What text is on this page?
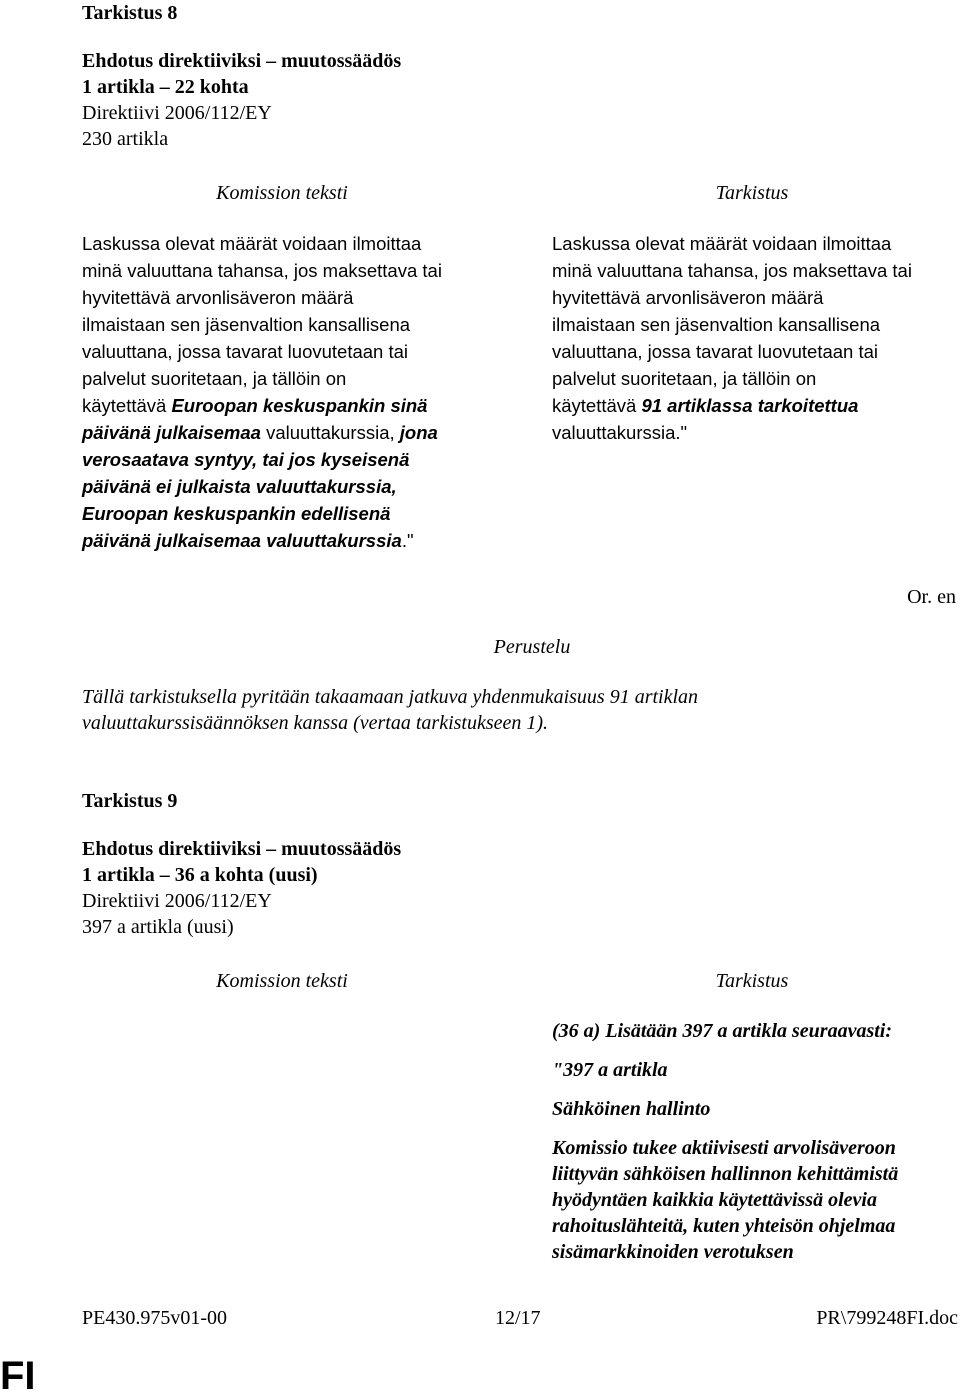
Tarkistus 8
Ehdotus direktiiviksi – muutossäädös
1 artikla – 22 kohta
Direktiivi 2006/112/EY
230 artikla
Komission teksti	Tarkistus
Laskussa olevat määrät voidaan ilmoittaa
minä valuuttana tahansa, jos maksettava tai
hyvitettävä arvonlisäveron määrä
ilmaistaan sen jäsenvaltion kansallisena
valuuttana, jossa tavarat luovutetaan tai
palvelut suoritetaan, ja tällöin on
käytettävä Euroopan keskuspankin sinä
päivänä julkaisemaa valuuttakurssia, jona
verosaatava syntyy, tai jos kyseisenä
päivänä ei julkaista valuuttakurssia,
Euroopan keskuspankin edellisenä
päivänä julkaisemaa valuuttakurssia."
Laskussa olevat määrät voidaan ilmoittaa
minä valuuttana tahansa, jos maksettava tai
hyvitettävä arvonlisäveron määrä
ilmaistaan sen jäsenvaltion kansallisena
valuuttana, jossa tavarat luovutetaan tai
palvelut suoritetaan, ja tällöin on
käytettävä 91 artiklassa tarkoitettua
valuuttakurssia."
Or. en
Perustelu
Tällä tarkistuksella pyritään takaamaan jatkuva yhdenmukaisuus 91 artiklan
valuuttakurssisäännöksen kanssa (vertaa tarkistukseen 1).
Tarkistus 9
Ehdotus direktiiviksi – muutossäädös
1 artikla – 36 a kohta (uusi)
Direktiivi 2006/112/EY
397 a artikla (uusi)
Komission teksti	Tarkistus
(36 a) Lisätään 397 a artikla seuraavasti:
"397 a artikla
Sähköinen hallinto
Komissio tukee aktiivisesti arvolisäveroon
liittyvän sähköisen hallinnon kehittämistä
hyödyntäen kaikkia käytettävissä olevia
rahoituslähteitä, kuten yhteisön ohjelmaa
sisämarkkinoiden verotuksen
PE430.975v01-00	12/17	PR\799248FI.doc
FI
